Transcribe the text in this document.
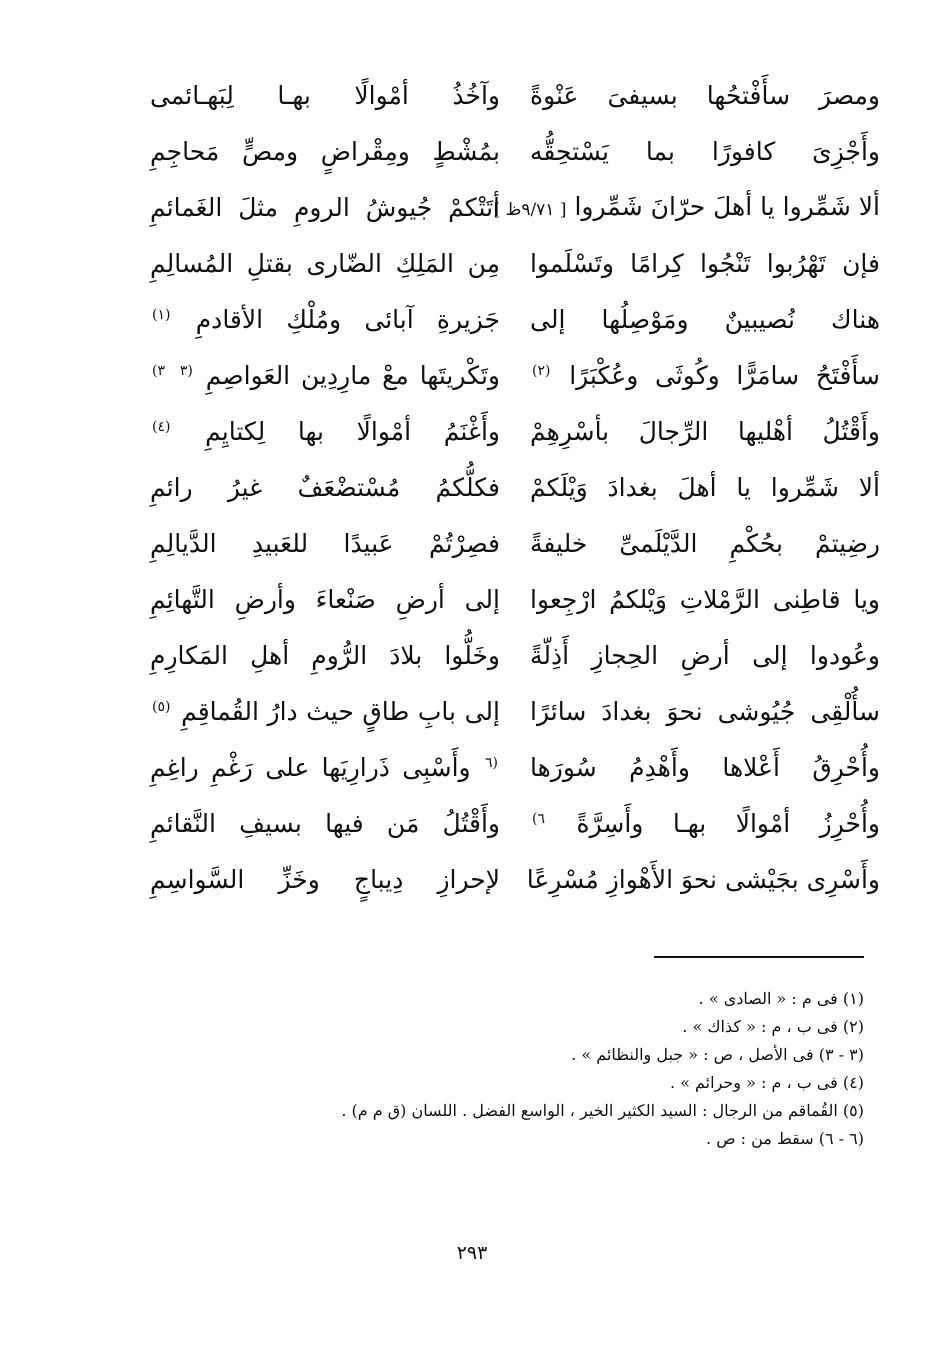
ومصرَ سأَفْتحُها بسيفىَ عَنْوةً
وآخُذُ أمْوالًا بهـا لِبَهـائمى
وأَجْزِىَ كافورًا بما يَسْتحِقُّه
بمُشْطٍ ومِقْراضٍ ومصٍّ مَحاجِمِ
ألا شَمِّروا يا أهلَ حرّانَ شَمِّروا [ ٩/٧١ظ ]
أتَتْكمْ جُيوشُ الرومِ مثلَ الغَمائمِ
فإن تَهْرُبوا تَنْجُوا كِرامًا وتَسْلَموا
مِن المَلِكِ الضّارى بقتلِ المُسالِمِ
هناك نُصيبينٌ ومَوْصِلُها إلى
جَزيرةِ آبائى ومُلْكِ الأقادمِ $^{(١)}$
سأَفْتَحُ سامَرًّا وكُوثَى وعُكْبَرًا $^{(٢)}$
وتَكْريتَها معْ مارِدِين العَواصِمِ $^{(٣}$ $^{٣)}$
وأَقْتُلُ أهْليها الرِّجالَ بأسْرِهِمْ
وأَغْنَمُ أمْوالًا بها لِكتايِمِ $^{(٤)}$
ألا شَمِّروا يا أهلَ بغدادَ وَيْلَكمْ
فكلُّكمُ مُسْتضْعَفٌ غيرُ رائمِ
رضِيتمْ بحُكْمِ الدَّيْلَمىِّ خليفةً
فصِرْتُمْ عَبيدًا للعَبيدِ الدَّيالِمِ
ويا قاطِنى الرَّمْلاتِ وَيْلكمُ ارْجِعوا
إلى أرضِ صَنْعاءَ وأرضِ التَّهائِمِ
وعُودوا إلى أرضِ الحِجازِ أَذِلّةً
وخَلُّوا بلادَ الرُّومِ أهلِ المَكارِمِ
سأُلْقِى جُيُوشى نحوَ بغدادَ سائرًا
إلى بابِ طاقٍ حيث دارُ القُماقِمِ $^{(٥)}$
وأُحْرِقُ أَعْلاها وأَهْدِمُ سُورَها
$^{(٦}$ وأَسْبِى ذَرارِيَها على رَغْمِ راغِمِ
وأُحْرِزُ أمْوالًا بهـا وأَسِرَّةً $^{٦)}$
وأَقْتُلُ مَن فيها بسيفِ النَّقائمِ
وأَسْرِى بجَيْشى نحوَ الأَهْوازِ مُسْرِعًا
لإحرازِ دِيباجٍ وخَزِّ السَّواسِمِ
(١) فى م : « الصادى » .
(٢) فى ب ، م : « كذاك » .
(٣ - ٣) فى الأصل ، ص : « جبل والنظائم » .
(٤) فى ب ، م : « وحرائم » .
(٥) القُماقم من الرجال : السيد الكثير الخير ، الواسع الفضل . اللسان (ق م م) .
(٦ - ٦) سقط من : ص .
٢٩٣
